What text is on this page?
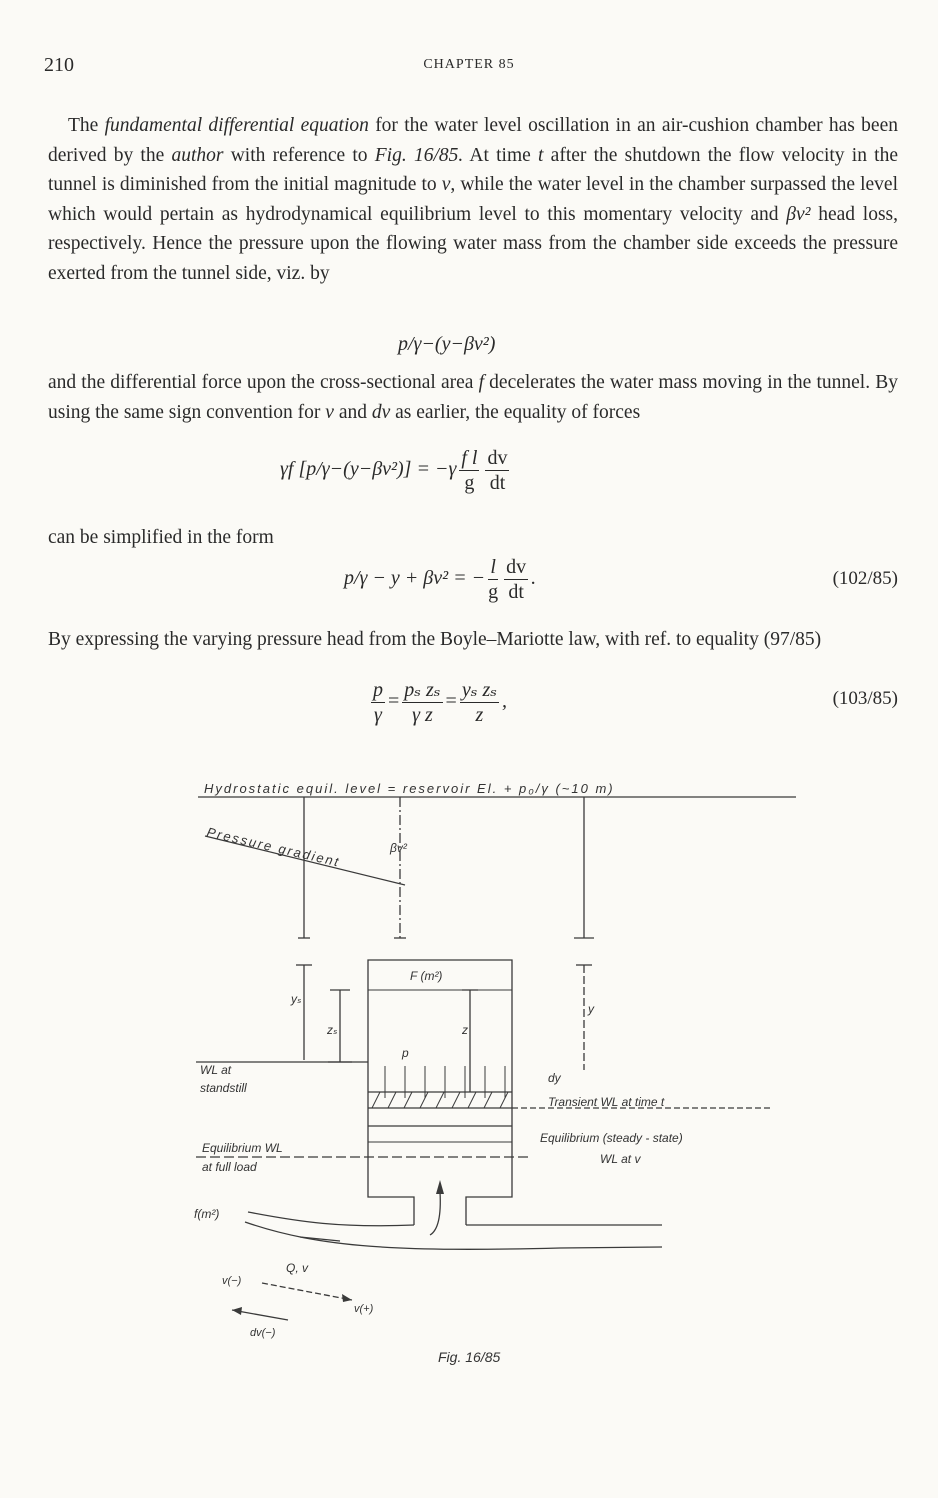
210	CHAPTER 85
The fundamental differential equation for the water level oscillation in an air-cushion chamber has been derived by the author with reference to Fig. 16/85. At time t after the shutdown the flow velocity in the tunnel is diminished from the initial magnitude to v, while the water level in the chamber surpassed the level which would pertain as hydrodynamical equilibrium level to this momentary velocity and βv² head loss, respectively. Hence the pressure upon the flowing water mass from the chamber side exceeds the pressure exerted from the tunnel side, viz. by
p/γ−(y−βv²)
and the differential force upon the cross-sectional area f decelerates the water mass moving in the tunnel. By using the same sign convention for v and dv as earlier, the equality of forces
γf $[p/\gamma-(y-\beta v^2)] = -\gamma \frac{\text{f l}}{g} \frac{dv}{dt}$
can be simplified in the form
p/γ − y + βv² = − $\frac{l}{g} \frac{dv}{dt}$ .	(102/85)
By expressing the varying pressure head from the Boyle–Mariotte law, with ref. to equality (97/85)
$\frac{p}{\gamma} = \frac{\text{pₛ zₛ}}{\text{γ z}} = \frac{\text{yₛ zₛ}}{z}$ ,	(103/85)
Hydrostatic equil. level = reservoir El. + p₀/γ (~10 m)
Pressure gradient	βv²
F (m²)
yₛ
zₛ	z
y
p
dy
WL at
standstill
Transient WL at time t
Equilibrium WL
at full load
Equilibrium (steady - state)
WL at v
f(m²)
Q, v
v(−)
v(+)
dv(−)
Fig. 16/85
